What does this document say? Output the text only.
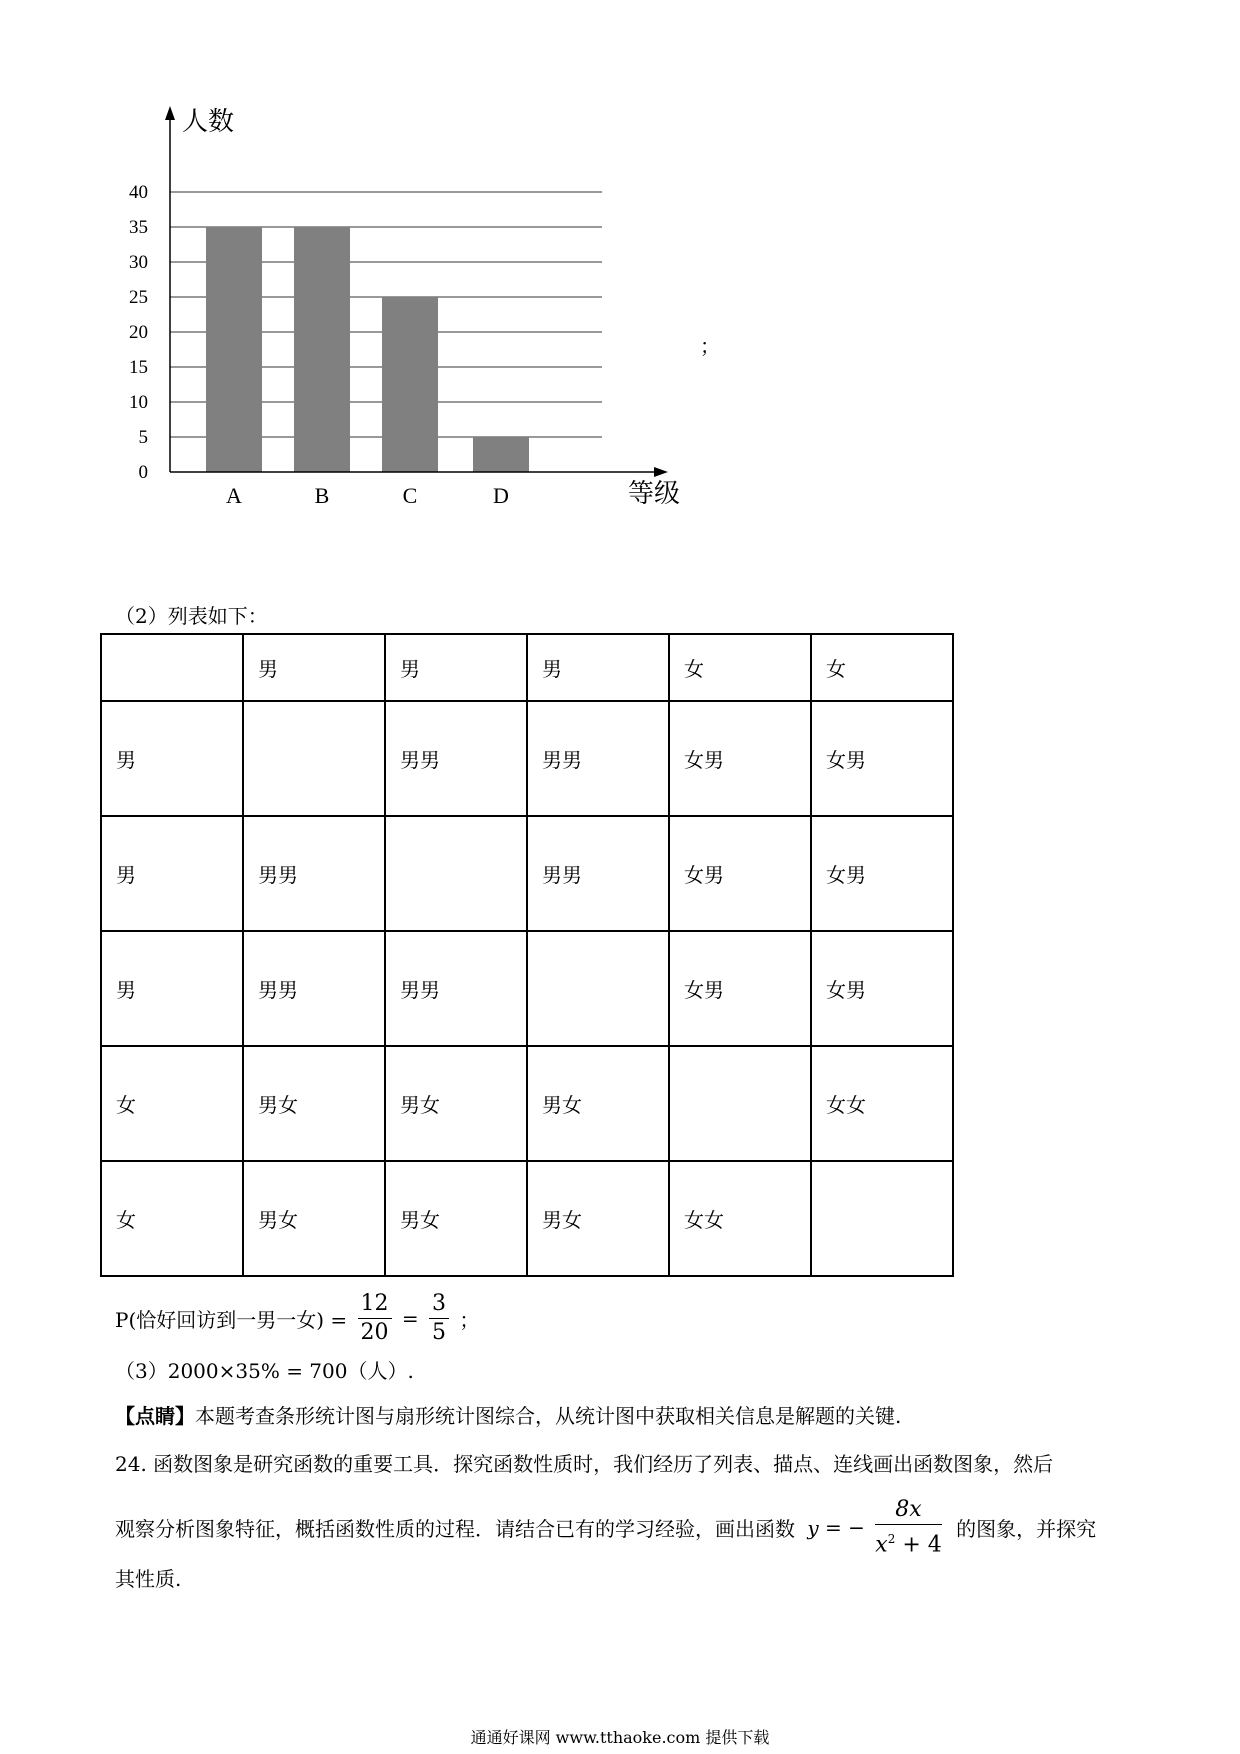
0
5
10
15
20
25
30
35
40
A	B	C	D
人数
等级
；
（2）列表如下：
	男	男	男	女	女
男		男男	男男	女男	女男
男	男男		男男	女男	女男
男	男男	男男		女男	女男
女	男女	男女	男女		女女
女	男女	男女	男女	女女	
P(恰好回访到一男一女) = $\frac{12}{20} = \frac{3}{5}$ ；
（3）2000×35% = 700（人）.
【点睛】本题考查条形统计图与扇形统计图综合，从统计图中获取相关信息是解题的关键.
24. 函数图象是研究函数的重要工具．探究函数性质时，我们经历了列表、描点、连线画出函数图象，然后
观察分析图象特征，概括函数性质的过程．请结合已有的学习经验，画出函数 y = − $\frac{8x}{x^2 + 4}$ 的图象，并探究
其性质.
通通好课网 www.tthaoke.com 提供下载
